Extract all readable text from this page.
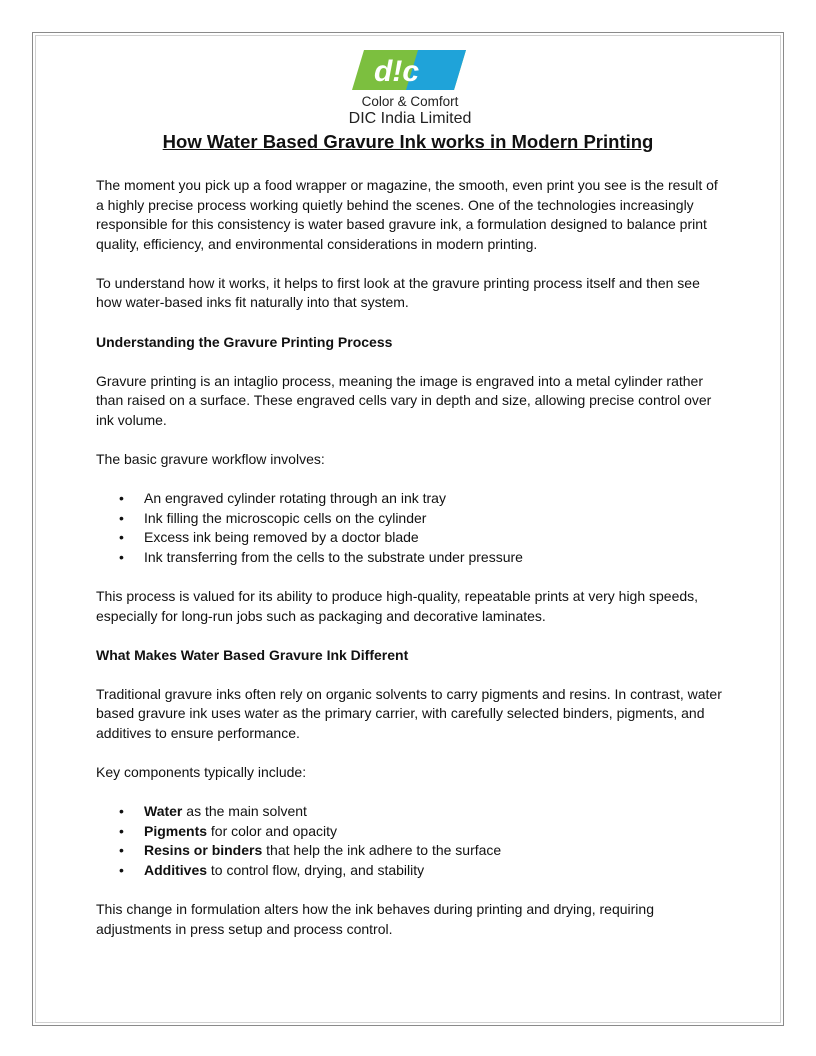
d!c
Color & Comfort
DIC India Limited
How Water Based Gravure Ink works in Modern Printing

The moment you pick up a food wrapper or magazine, the smooth, even print you see is the result of a highly precise process working quietly behind the scenes. One of the technologies increasingly responsible for this consistency is water based gravure ink, a formulation designed to balance print quality, efficiency, and environmental considerations in modern printing.

To understand how it works, it helps to first look at the gravure printing process itself and then see how water-based inks fit naturally into that system.

Understanding the Gravure Printing Process

Gravure printing is an intaglio process, meaning the image is engraved into a metal cylinder rather than raised on a surface. These engraved cells vary in depth and size, allowing precise control over ink volume.

The basic gravure workflow involves:

• An engraved cylinder rotating through an ink tray
• Ink filling the microscopic cells on the cylinder
• Excess ink being removed by a doctor blade
• Ink transferring from the cells to the substrate under pressure

This process is valued for its ability to produce high-quality, repeatable prints at very high speeds, especially for long-run jobs such as packaging and decorative laminates.

What Makes Water Based Gravure Ink Different

Traditional gravure inks often rely on organic solvents to carry pigments and resins. In contrast, water based gravure ink uses water as the primary carrier, with carefully selected binders, pigments, and additives to ensure performance.

Key components typically include:

• Water as the main solvent
• Pigments for color and opacity
• Resins or binders that help the ink adhere to the surface
• Additives to control flow, drying, and stability

This change in formulation alters how the ink behaves during printing and drying, requiring adjustments in press setup and process control.
